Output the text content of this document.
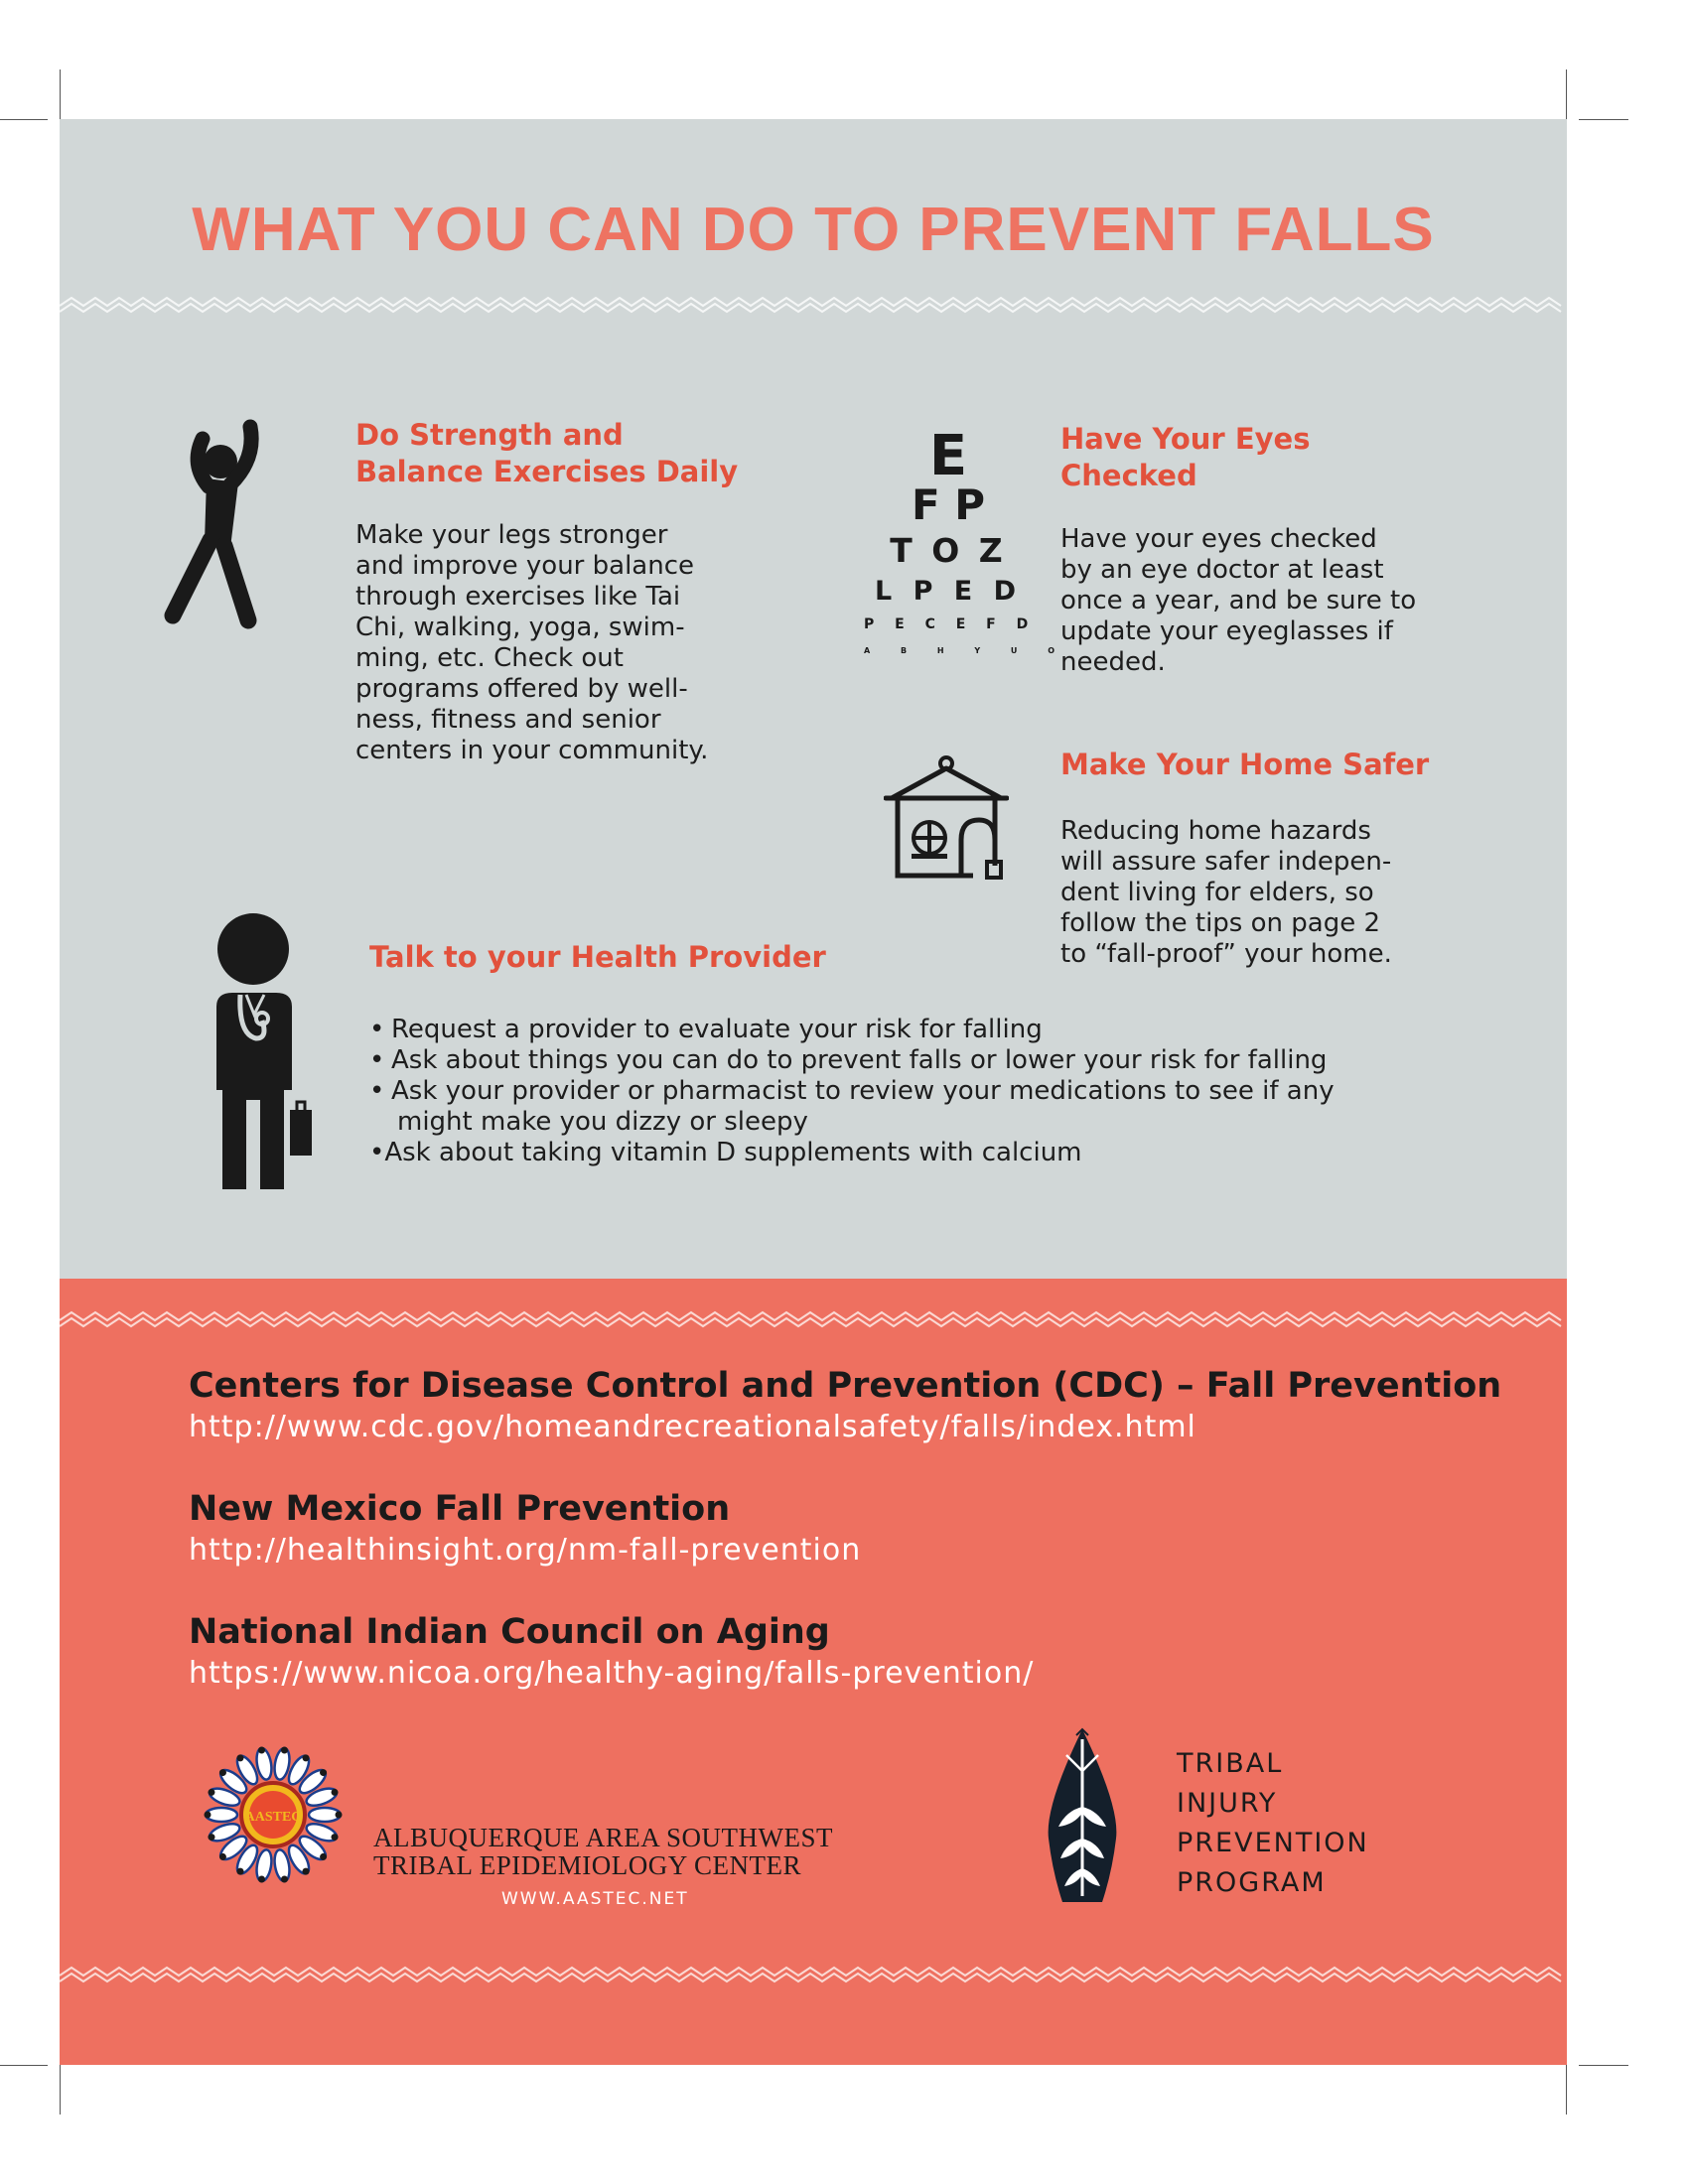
WHAT YOU CAN DO TO PREVENT FALLS
Do Strength and
Balance Exercises Daily

Make your legs stronger
and improve your balance
through exercises like Tai
Chi, walking, yoga, swim-
ming, etc. Check out
programs offered by well-
ness, fitness and senior
centers in your community.

E
F P
T O Z
L P E D
P E C E F D
A B H Y U O
Have Your Eyes
Checked

Have your eyes checked
by an eye doctor at least
once a year, and be sure to
update your eyeglasses if
needed.

Make Your Home Safer

Reducing home hazards
will assure safer indepen-
dent living for elders, so
follow the tips on page 2
to “fall-proof” your home.

Talk to your Health Provider
• Request a provider to evaluate your risk for falling
• Ask about things you can do to prevent falls or lower your risk for falling
• Ask your provider or pharmacist to review your medications to see if any
might make you dizzy or sleepy
•Ask about taking vitamin D supplements with calcium
Centers for Disease Control and Prevention (CDC) – Fall Prevention
http://www.cdc.gov/homeandrecreationalsafety/falls/index.html
New Mexico Fall Prevention
http://healthinsight.org/nm-fall-prevention
National Indian Council on Aging
https://www.nicoa.org/healthy-aging/falls-prevention/
AASTEC

ALBUQUERQUE AREA SOUTHWEST

TRIBAL EPIDEMIOLOGY CENTER

WWW.AASTEC.NET
TRIBAL
INJURY
PREVENTION
PROGRAM
